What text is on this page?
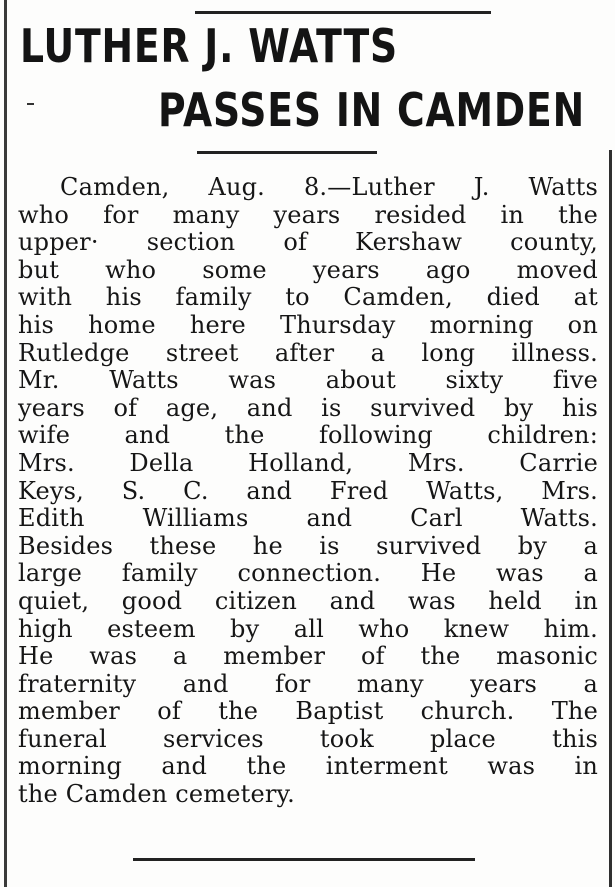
LUTHER J. WATTS
PASSES IN CAMDEN
Camden, Aug. 8.—Luther J. Watts
who for many years resided in the
upper· section of Kershaw county,
but who some years ago moved
with his family to Camden, died at
his home here Thursday morning on
Rutledge street after a long illness.
Mr. Watts was about sixty five
years of age, and is survived by his
wife and the following children:
Mrs. Della Holland, Mrs. Carrie
Keys, S. C. and Fred Watts, Mrs.
Edith Williams and Carl Watts.
Besides these he is survived by a
large family connection. He was a
quiet, good citizen and was held in
high esteem by all who knew him.
He was a member of the masonic
fraternity and for many years a
member of the Baptist church. The
funeral services took place this
morning and the interment was in
the Camden cemetery.
